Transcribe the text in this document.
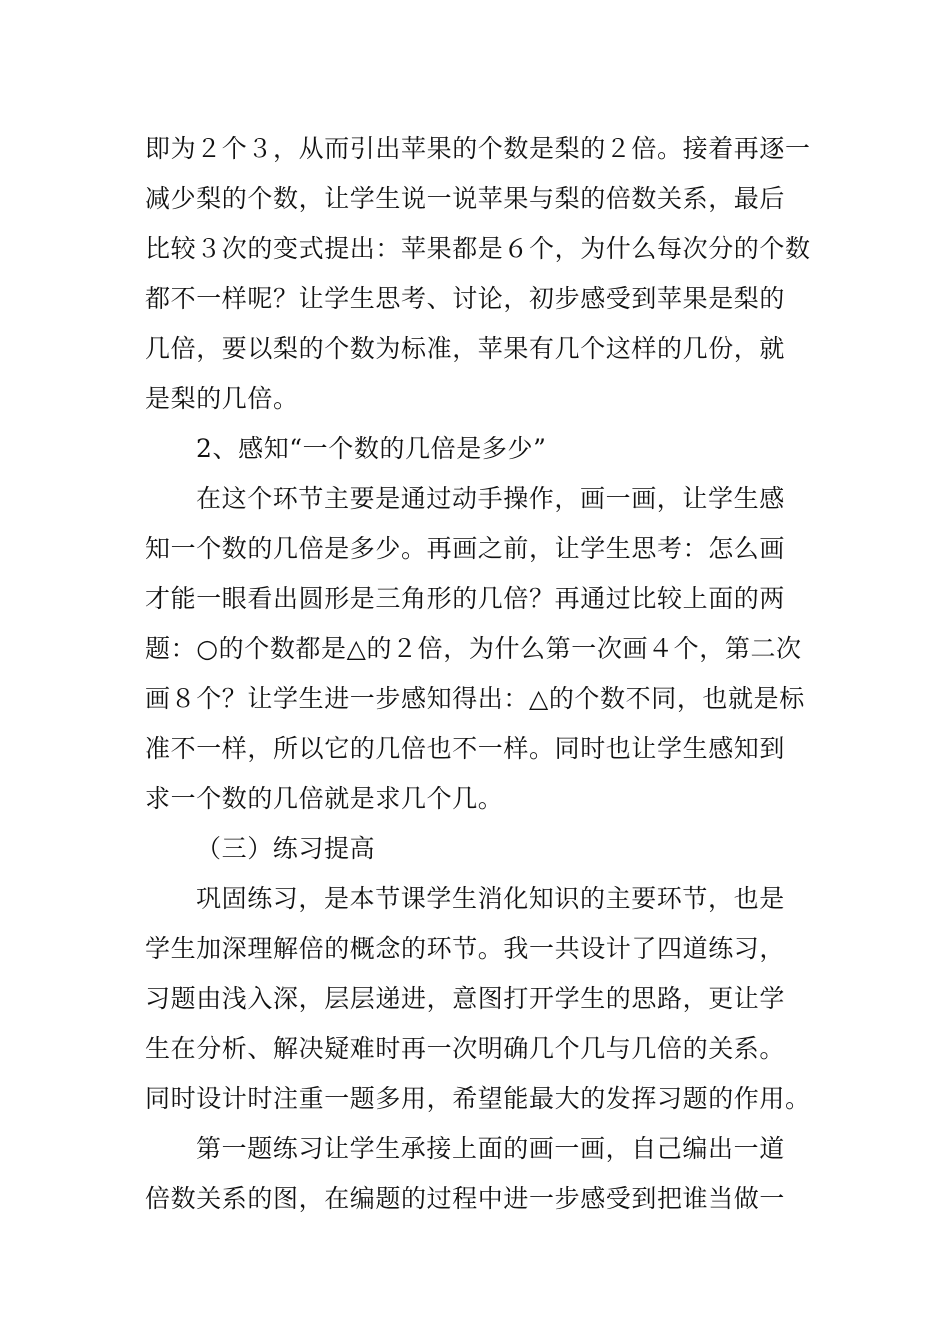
即为２个３，从而引出苹果的个数是梨的２倍。接着再逐一
减少梨的个数，让学生说一说苹果与梨的倍数关系，最后
比较３次的变式提出：苹果都是６个，为什么每次分的个数
都不一样呢？让学生思考、讨论，初步感受到苹果是梨的
几倍，要以梨的个数为标准，苹果有几个这样的几份，就
是梨的几倍。
2、感知“一个数的几倍是多少”
在这个环节主要是通过动手操作，画一画，让学生感
知一个数的几倍是多少。再画之前，让学生思考：怎么画
才能一眼看出圆形是三角形的几倍？再通过比较上面的两
题：○的个数都是△的２倍，为什么第一次画４个，第二次
画８个？让学生进一步感知得出：△的个数不同，也就是标
准不一样，所以它的几倍也不一样。同时也让学生感知到
求一个数的几倍就是求几个几。
（三）练习提高
巩固练习，是本节课学生消化知识的主要环节，也是
学生加深理解倍的概念的环节。我一共设计了四道练习，
习题由浅入深，层层递进，意图打开学生的思路，更让学
生在分析、解决疑难时再一次明确几个几与几倍的关系。
同时设计时注重一题多用，希望能最大的发挥习题的作用。
第一题练习让学生承接上面的画一画，自己编出一道
倍数关系的图，在编题的过程中进一步感受到把谁当做一
